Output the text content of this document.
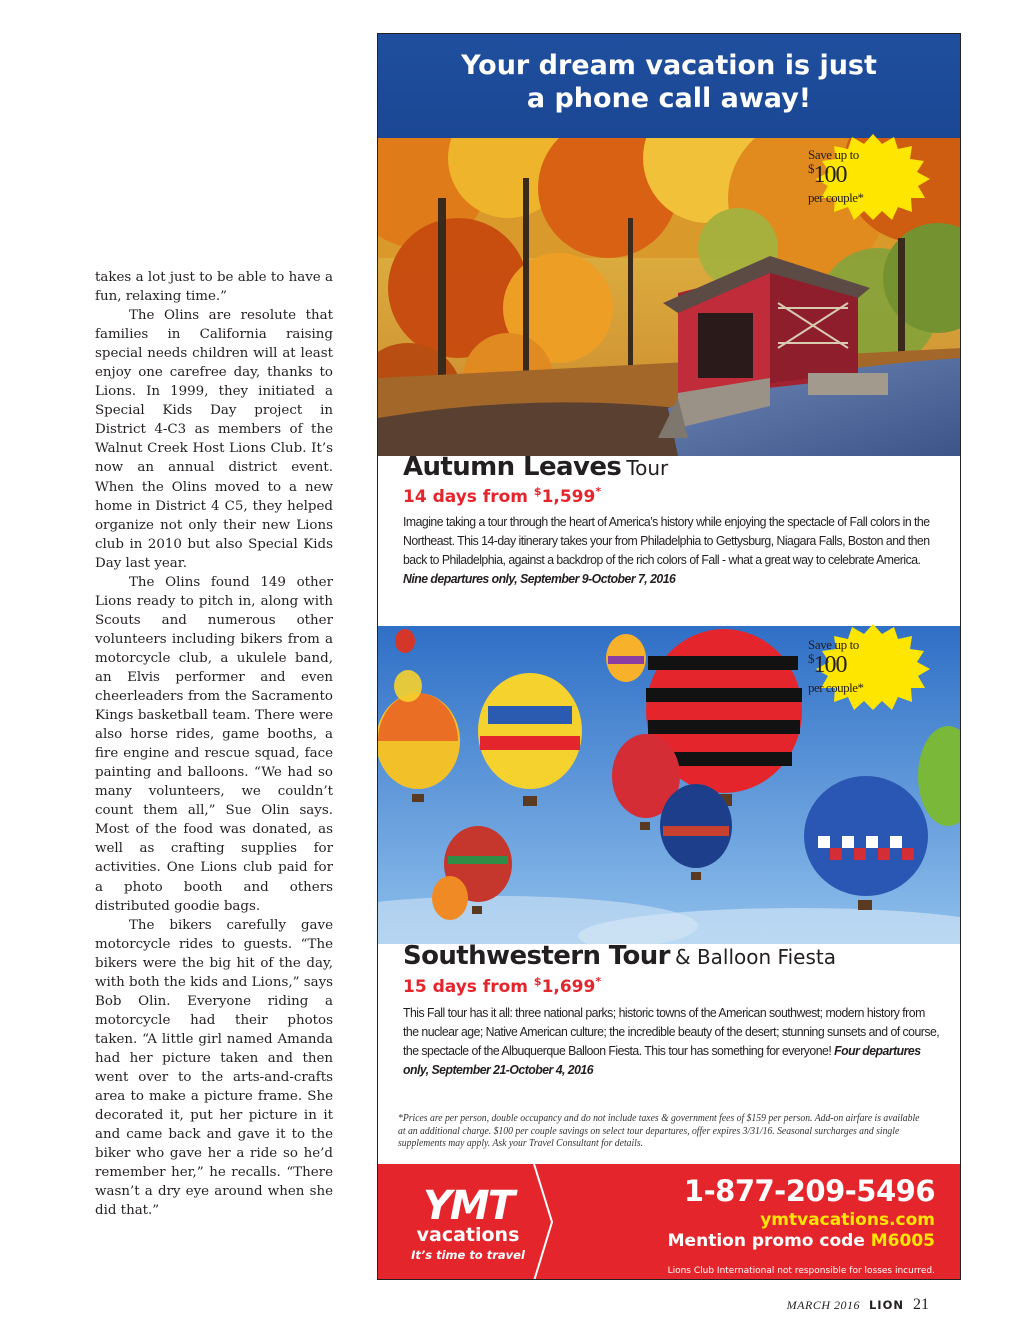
takes a lot just to be able to have a fun, relaxing time.”

The Olins are resolute that families in California raising special needs children will at least enjoy one carefree day, thanks to Lions. In 1999, they initiated a Special Kids Day project in District 4-C3 as members of the Walnut Creek Host Lions Club. It’s now an annual district event. When the Olins moved to a new home in District 4 C5, they helped organize not only their new Lions club in 2010 but also Special Kids Day last year.

The Olins found 149 other Lions ready to pitch in, along with Scouts and numerous other volunteers including bikers from a motorcycle club, a ukulele band, an Elvis performer and even cheerleaders from the Sacramento Kings basketball team. There were also horse rides, game booths, a fire engine and rescue squad, face painting and balloons. “We had so many volunteers, we couldn’t count them all,” Sue Olin says. Most of the food was donated, as well as crafting supplies for activities. One Lions club paid for a photo booth and others distributed goodie bags.

The bikers carefully gave motorcycle rides to guests. “The bikers were the big hit of the day, with both the kids and Lions,” says Bob Olin. Everyone riding a motorcycle had their photos taken. “A little girl named Amanda had her picture taken and then went over to the arts-and-crafts area to make a picture frame. She decorated it, put her picture in it and came back and gave it to the biker who gave her a ride so he’d remember her,” he recalls. “There wasn’t a dry eye around when she did that.”

Your dream vacation is just
a phone call away!
Save up to
$100
per couple*
Autumn Leaves Tour
14 days from $1,599*
Imagine taking a tour through the heart of America’s history while enjoying the spectacle of Fall colors in the Northeast. This 14-day itinerary takes your from Philadelphia to Gettysburg, Niagara Falls, Boston and then back to Philadelphia, against a backdrop of the rich colors of Fall - what a great way to celebrate America. Nine departures only, September 9-October 7, 2016
Save up to
$100
per couple*
Southwestern Tour & Balloon Fiesta
15 days from $1,699*
This Fall tour has it all: three national parks; historic towns of the American southwest; modern history from the nuclear age; Native American culture; the incredible beauty of the desert; stunning sunsets and of course, the spectacle of the Albuquerque Balloon Fiesta. This tour has something for everyone! Four departures only, September 21-October 4, 2016
*Prices are per person, double occupancy and do not include taxes & government fees of $159 per person. Add-on airfare is available at an additional charge. $100 per couple savings on select tour departures, offer expires 3/31/16. Seasonal surcharges and single supplements may apply. Ask your Travel Consultant for details.
YMT
vacations
It’s time to travel
1-877-209-5496
ymtvacations.com
Mention promo code M6005
Lions Club International not responsible for losses incurred.
MARCH 2016 LION 21
